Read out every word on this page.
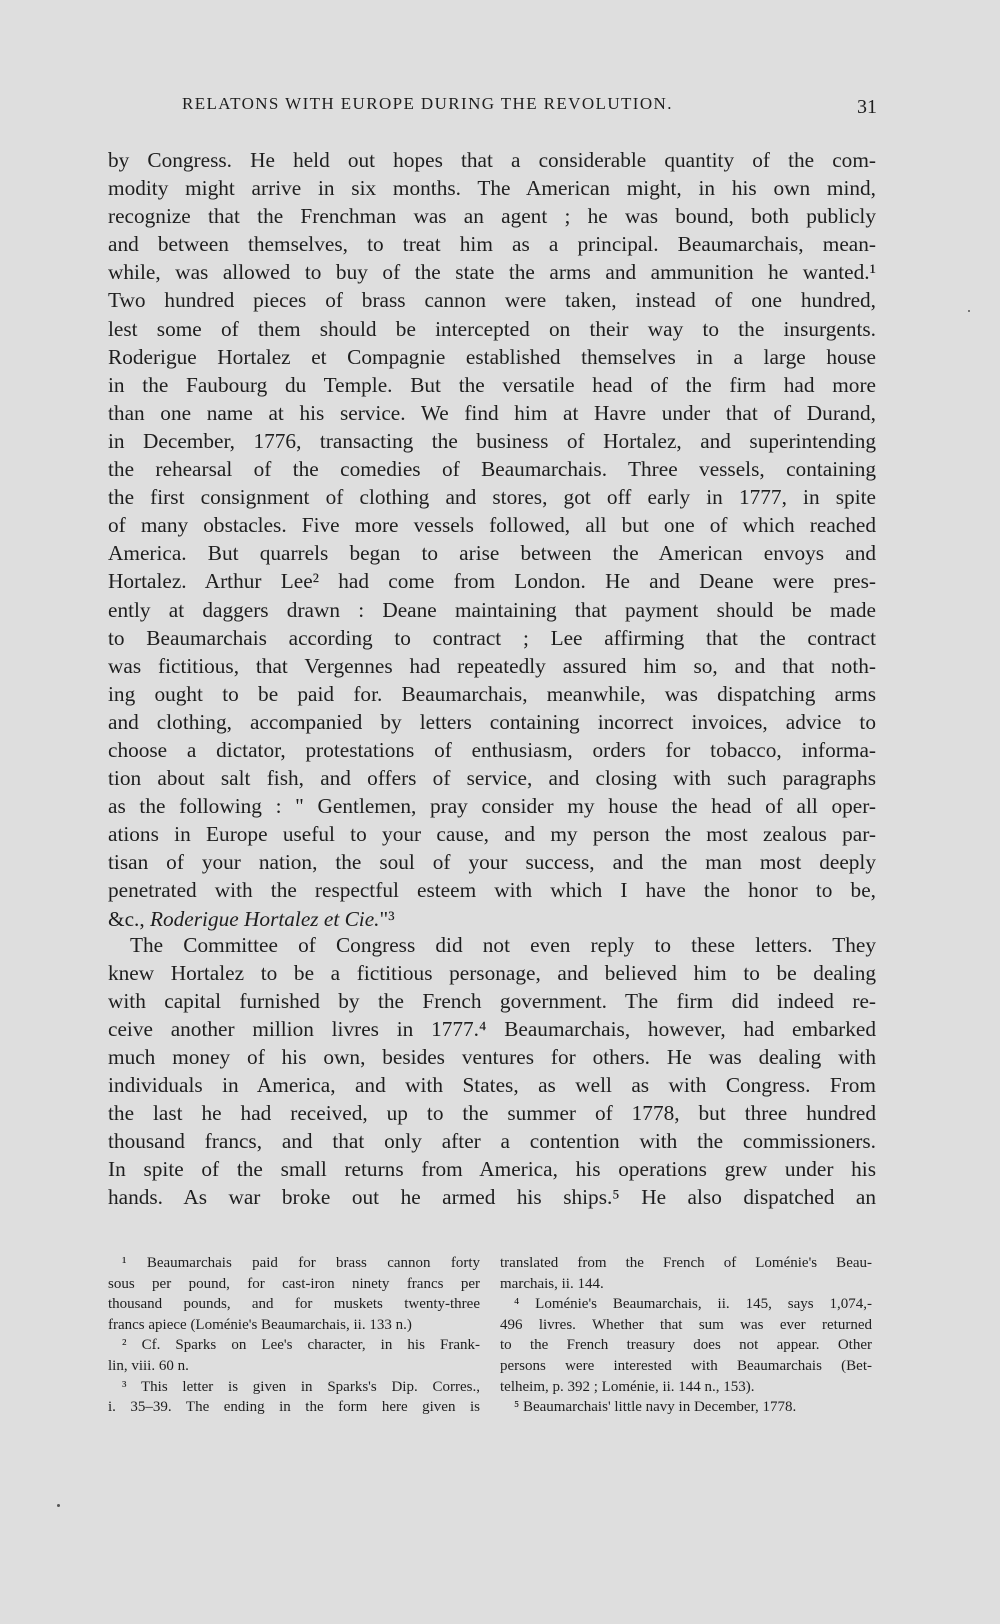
RELATONS WITH EUROPE DURING THE REVOLUTION.	31
by Congress. He held out hopes that a considerable quantity of the com-
modity might arrive in six months. The American might, in his own mind,
recognize that the Frenchman was an agent ; he was bound, both publicly
and between themselves, to treat him as a principal. Beaumarchais, mean-
while, was allowed to buy of the state the arms and ammunition he wanted.¹
Two hundred pieces of brass cannon were taken, instead of one hundred,
lest some of them should be intercepted on their way to the insurgents.
Roderigue Hortalez et Compagnie established themselves in a large house
in the Faubourg du Temple. But the versatile head of the firm had more
than one name at his service. We find him at Havre under that of Durand,
in December, 1776, transacting the business of Hortalez, and superintending
the rehearsal of the comedies of Beaumarchais. Three vessels, containing
the first consignment of clothing and stores, got off early in 1777, in spite
of many obstacles. Five more vessels followed, all but one of which reached
America. But quarrels began to arise between the American envoys and
Hortalez. Arthur Lee² had come from London. He and Deane were pres-
ently at daggers drawn : Deane maintaining that payment should be made
to Beaumarchais according to contract ; Lee affirming that the contract
was fictitious, that Vergennes had repeatedly assured him so, and that noth-
ing ought to be paid for. Beaumarchais, meanwhile, was dispatching arms
and clothing, accompanied by letters containing incorrect invoices, advice to
choose a dictator, protestations of enthusiasm, orders for tobacco, informa-
tion about salt fish, and offers of service, and closing with such paragraphs
as the following : " Gentlemen, pray consider my house the head of all oper-
ations in Europe useful to your cause, and my person the most zealous par-
tisan of your nation, the soul of your success, and the man most deeply
penetrated with the respectful esteem with which I have the honor to be,
&c., Roderigue Hortalez et Cie."³
The Committee of Congress did not even reply to these letters. They
knew Hortalez to be a fictitious personage, and believed him to be dealing
with capital furnished by the French government. The firm did indeed re-
ceive another million livres in 1777.⁴ Beaumarchais, however, had embarked
much money of his own, besides ventures for others. He was dealing with
individuals in America, and with States, as well as with Congress. From
the last he had received, up to the summer of 1778, but three hundred
thousand francs, and that only after a contention with the commissioners.
In spite of the small returns from America, his operations grew under his
hands. As war broke out he armed his ships.⁵ He also dispatched an
¹ Beaumarchais paid for brass cannon forty
sous per pound, for cast-iron ninety francs per
thousand pounds, and for muskets twenty-three
francs apiece (Loménie's Beaumarchais, ii. 133 n.)
² Cf. Sparks on Lee's character, in his Frank-
lin, viii. 60 n.
³ This letter is given in Sparks's Dip. Corres.,
i. 35–39. The ending in the form here given is
translated from the French of Loménie's Beau-
marchais, ii. 144.
⁴ Loménie's Beaumarchais, ii. 145, says 1,074,-
496 livres. Whether that sum was ever returned
to the French treasury does not appear. Other
persons were interested with Beaumarchais (Bet-
telheim, p. 392 ; Loménie, ii. 144 n., 153).
⁵ Beaumarchais' little navy in December, 1778.
